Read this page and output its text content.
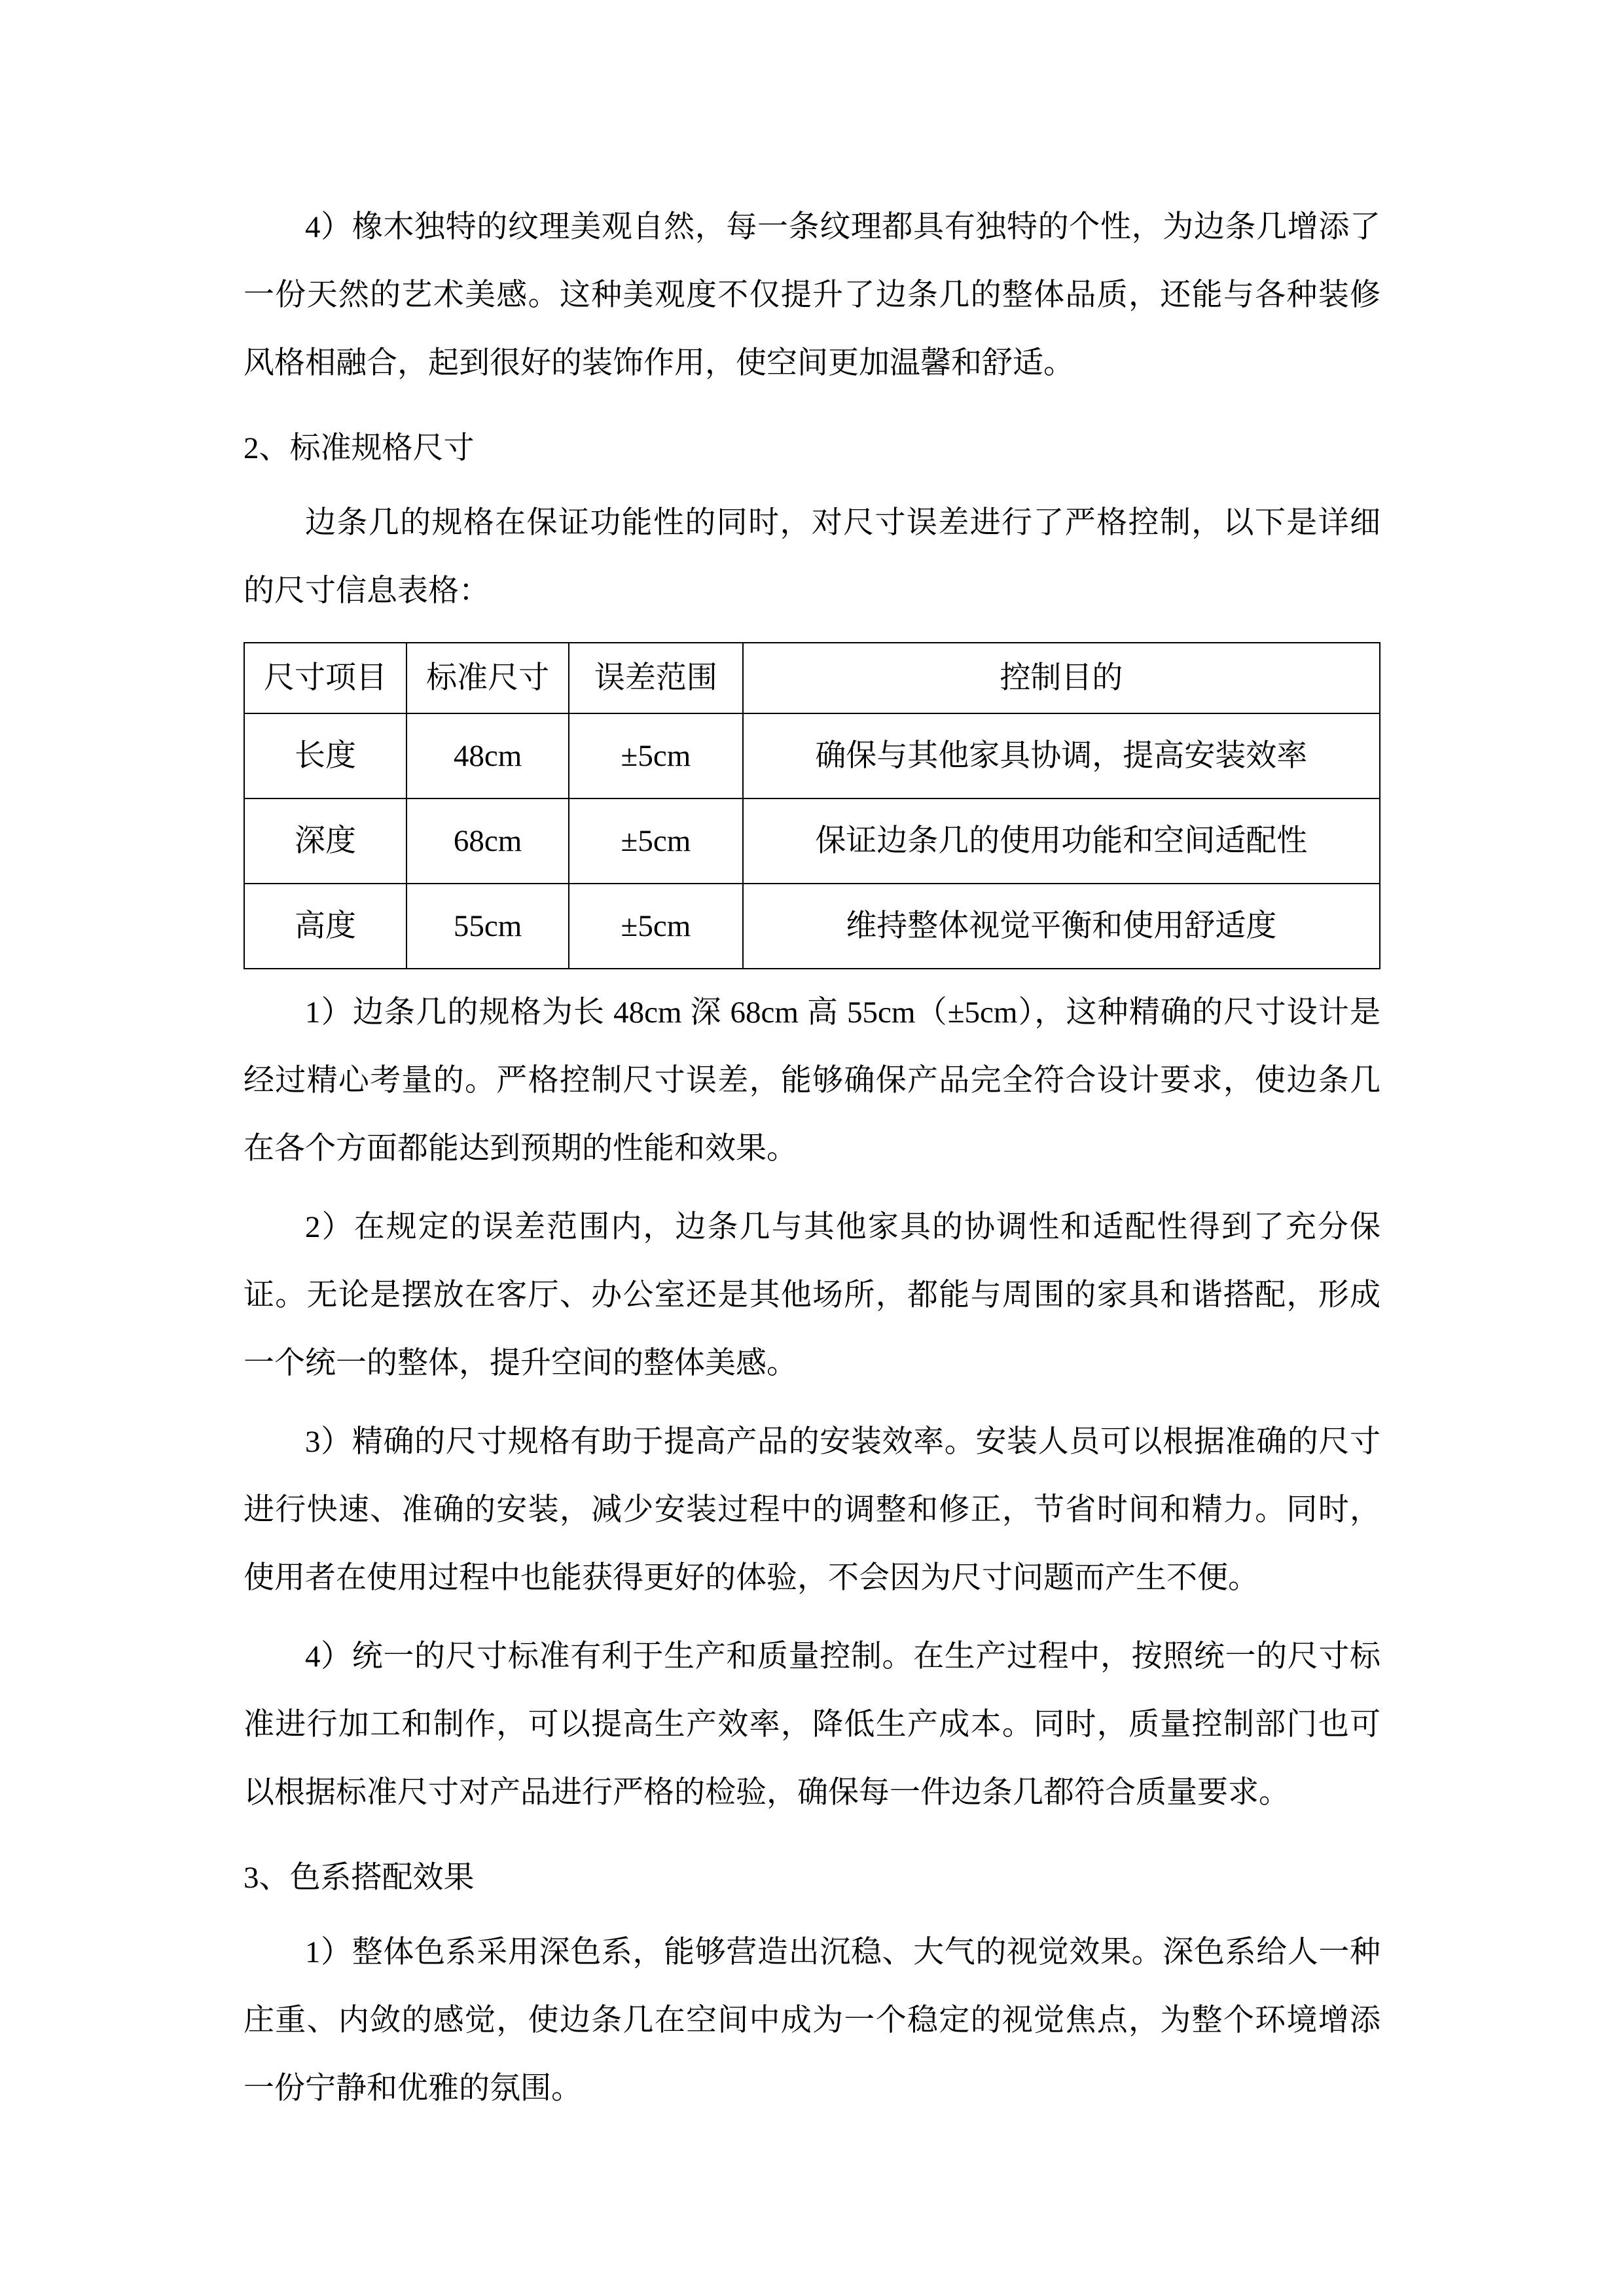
4）橡木独特的纹理美观自然，每一条纹理都具有独特的个性，为边条几增添了一份天然的艺术美感。这种美观度不仅提升了边条几的整体品质，还能与各种装修风格相融合，起到很好的装饰作用，使空间更加温馨和舒适。

2、标准规格尺寸

边条几的规格在保证功能性的同时，对尺寸误差进行了严格控制，以下是详细的尺寸信息表格：

尺寸项目	标准尺寸	误差范围	控制目的
长度	48cm	±5cm	确保与其他家具协调，提高安装效率
深度	68cm	±5cm	保证边条几的使用功能和空间适配性
高度	55cm	±5cm	维持整体视觉平衡和使用舒适度

1）边条几的规格为长 48cm 深 68cm 高 55cm（±5cm），这种精确的尺寸设计是经过精心考量的。严格控制尺寸误差，能够确保产品完全符合设计要求，使边条几在各个方面都能达到预期的性能和效果。

2）在规定的误差范围内，边条几与其他家具的协调性和适配性得到了充分保证。无论是摆放在客厅、办公室还是其他场所，都能与周围的家具和谐搭配，形成一个统一的整体，提升空间的整体美感。

3）精确的尺寸规格有助于提高产品的安装效率。安装人员可以根据准确的尺寸进行快速、准确的安装，减少安装过程中的调整和修正，节省时间和精力。同时，使用者在使用过程中也能获得更好的体验，不会因为尺寸问题而产生不便。

4）统一的尺寸标准有利于生产和质量控制。在生产过程中，按照统一的尺寸标准进行加工和制作，可以提高生产效率，降低生产成本。同时，质量控制部门也可以根据标准尺寸对产品进行严格的检验，确保每一件边条几都符合质量要求。

3、色系搭配效果

1）整体色系采用深色系，能够营造出沉稳、大气的视觉效果。深色系给人一种庄重、内敛的感觉，使边条几在空间中成为一个稳定的视觉焦点，为整个环境增添一份宁静和优雅的氛围。
